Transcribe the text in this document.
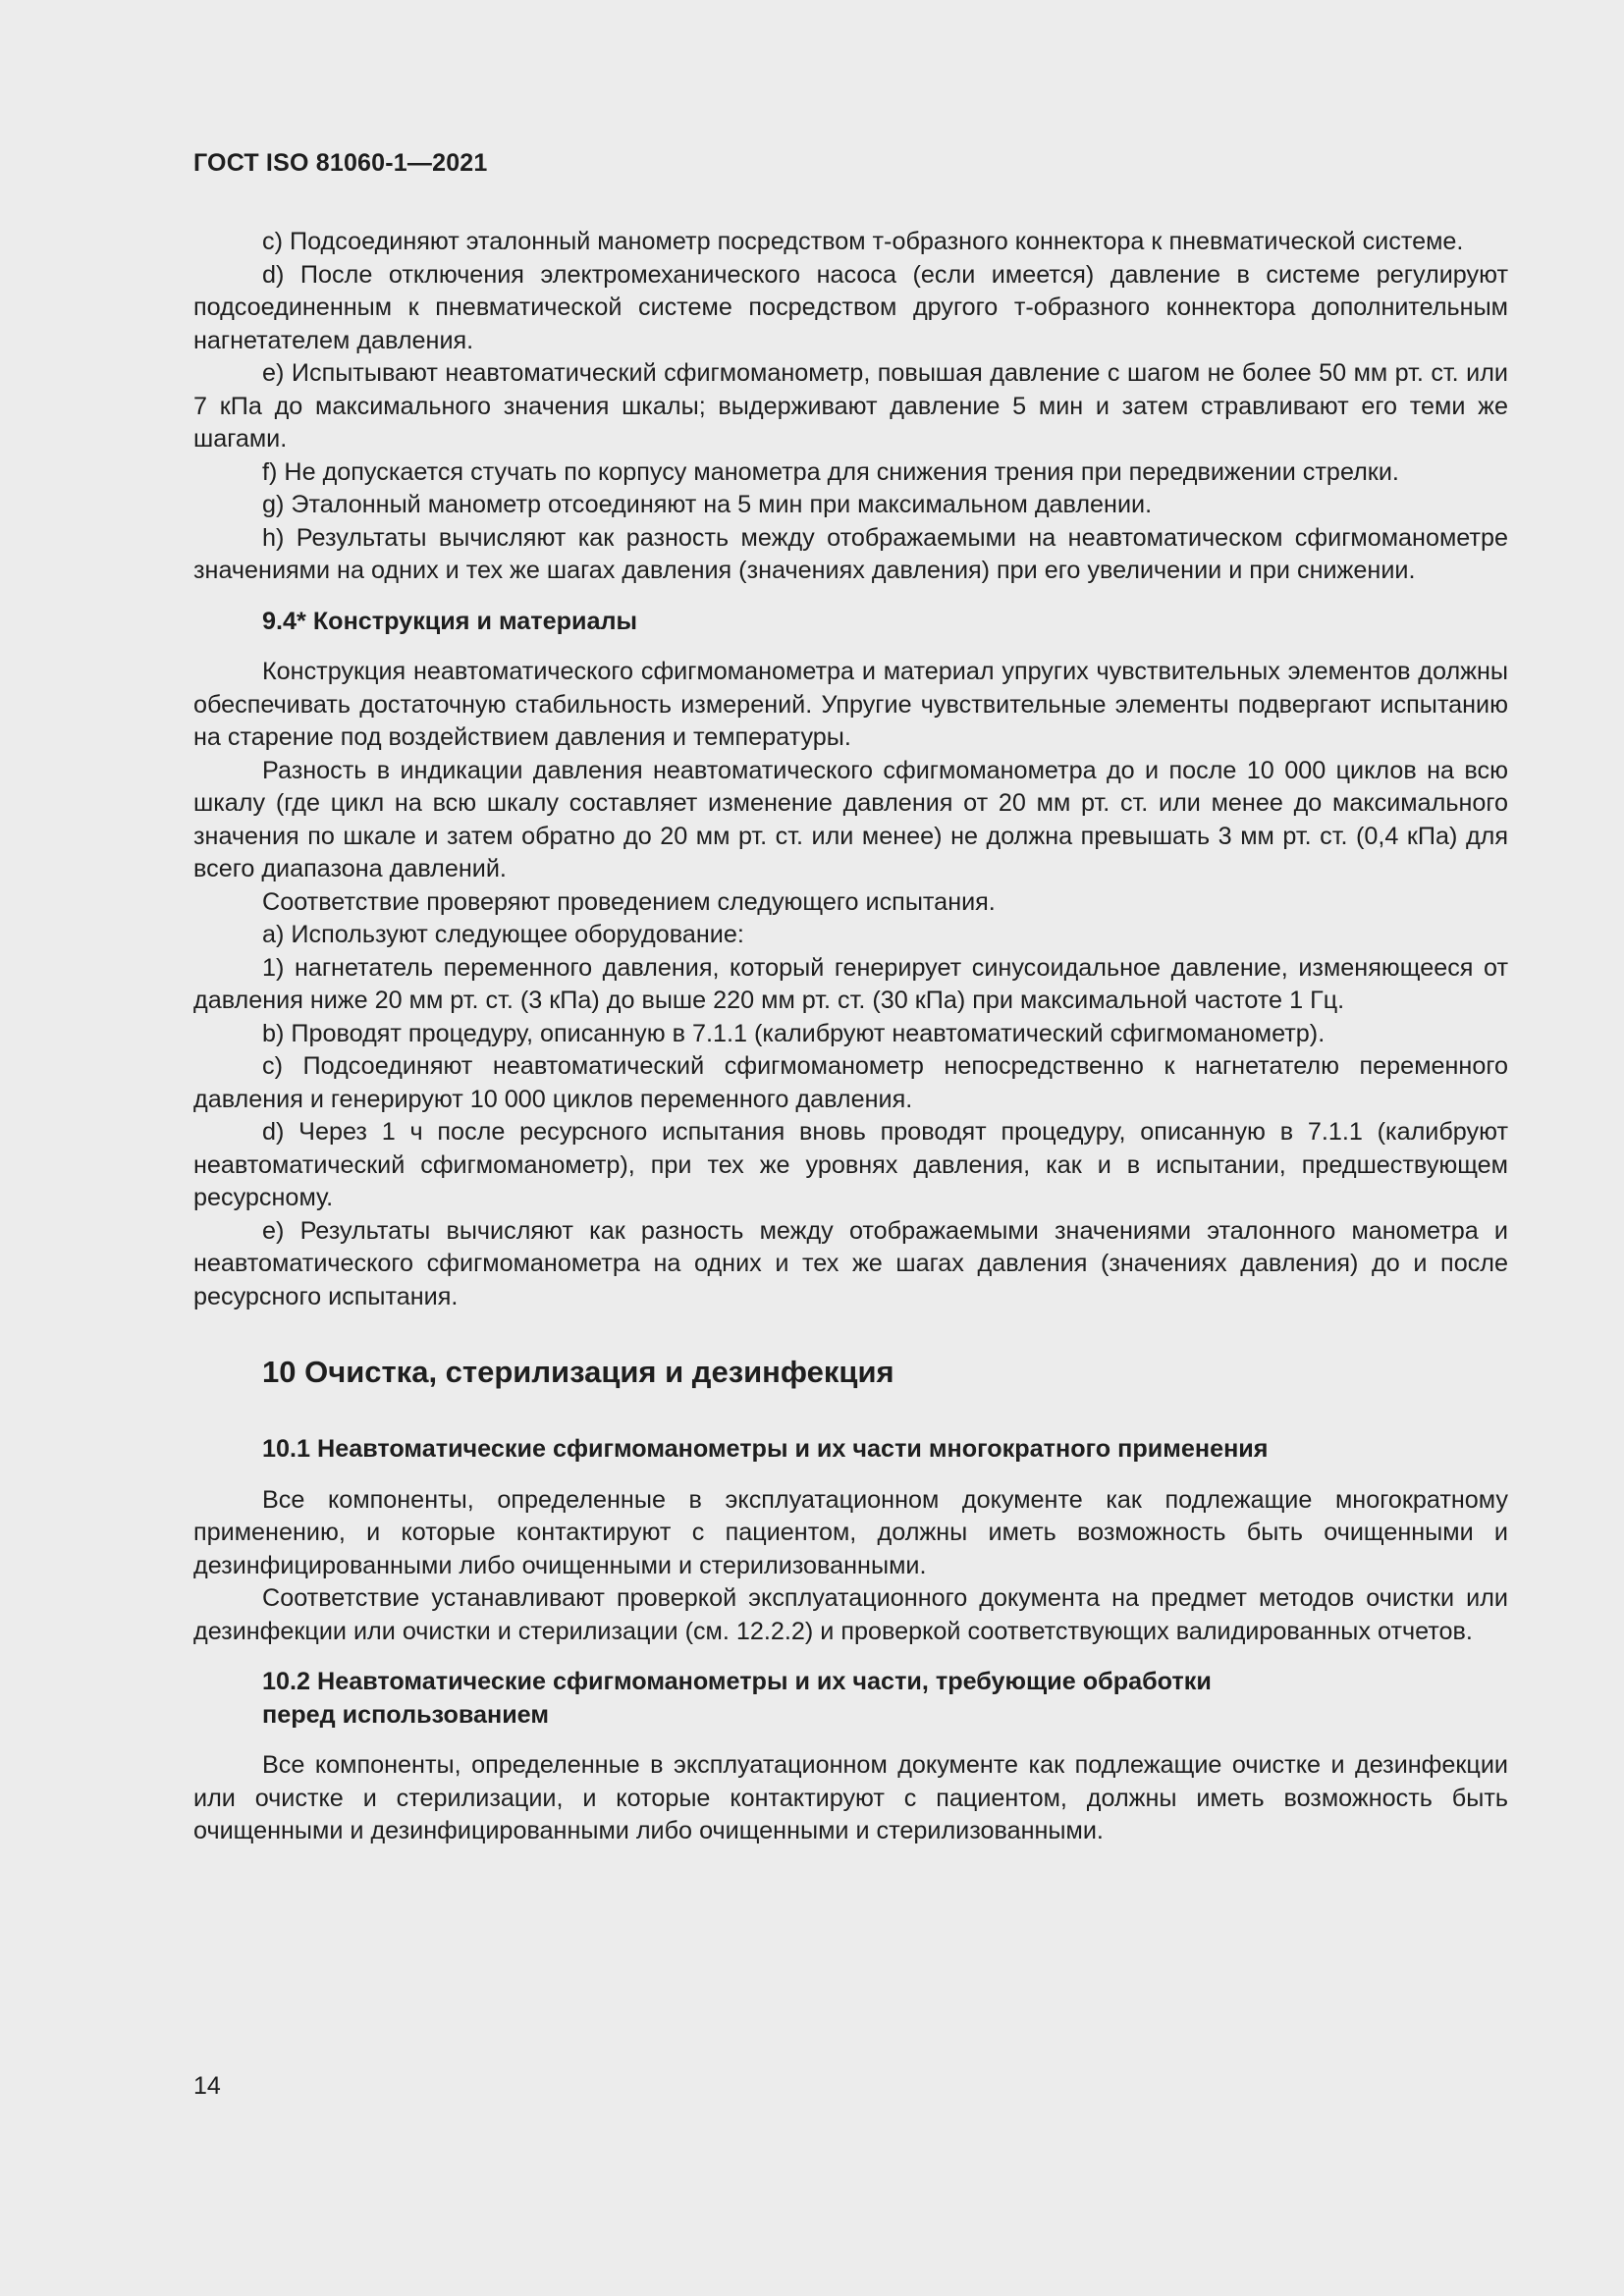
ГОСТ ISO 81060-1—2021

c) Подсоединяют эталонный манометр посредством т-образного коннектора к пневматической системе.

d) После отключения электромеханического насоса (если имеется) давление в системе регулируют подсоединенным к пневматической системе посредством другого т-образного коннектора дополнительным нагнетателем давления.

e) Испытывают неавтоматический сфигмоманометр, повышая давление с шагом не более 50 мм рт. ст. или 7 кПа до максимального значения шкалы; выдерживают давление 5 мин и затем стравливают его теми же шагами.

f) Не допускается стучать по корпусу манометра для снижения трения при передвижении стрелки.

g) Эталонный манометр отсоединяют на 5 мин при максимальном давлении.

h) Результаты вычисляют как разность между отображаемыми на неавтоматическом сфигмоманометре значениями на одних и тех же шагах давления (значениях давления) при его увеличении и при снижении.

9.4* Конструкция и материалы

Конструкция неавтоматического сфигмоманометра и материал упругих чувствительных элементов должны обеспечивать достаточную стабильность измерений. Упругие чувствительные элементы подвергают испытанию на старение под воздействием давления и температуры.

Разность в индикации давления неавтоматического сфигмоманометра до и после 10 000 циклов на всю шкалу (где цикл на всю шкалу составляет изменение давления от 20 мм рт. ст. или менее до максимального значения по шкале и затем обратно до 20 мм рт. ст. или менее) не должна превышать 3 мм рт. ст. (0,4 кПа) для всего диапазона давлений.

Соответствие проверяют проведением следующего испытания.

a) Используют следующее оборудование:

1) нагнетатель переменного давления, который генерирует синусоидальное давление, изменяющееся от давления ниже 20 мм рт. ст. (3 кПа) до выше 220 мм рт. ст. (30 кПа) при максимальной частоте 1 Гц.

b) Проводят процедуру, описанную в 7.1.1 (калибруют неавтоматический сфигмоманометр).

c) Подсоединяют неавтоматический сфигмоманометр непосредственно к нагнетателю переменного давления и генерируют 10 000 циклов переменного давления.

d) Через 1 ч после ресурсного испытания вновь проводят процедуру, описанную в 7.1.1 (калибруют неавтоматический сфигмоманометр), при тех же уровнях давления, как и в испытании, предшествующем ресурсному.

e) Результаты вычисляют как разность между отображаемыми значениями эталонного манометра и неавтоматического сфигмоманометра на одних и тех же шагах давления (значениях давления) до и после ресурсного испытания.

10 Очистка, стерилизация и дезинфекция
10.1 Неавтоматические сфигмоманометры и их части многократного применения

Все компоненты, определенные в эксплуатационном документе как подлежащие многократному применению, и которые контактируют с пациентом, должны иметь возможность быть очищенными и дезинфицированными либо очищенными и стерилизованными.

Соответствие устанавливают проверкой эксплуатационного документа на предмет методов очистки или дезинфекции или очистки и стерилизации (см. 12.2.2) и проверкой соответствующих валидированных отчетов.

10.2 Неавтоматические сфигмоманометры и их части, требующие обработки
перед использованием

Все компоненты, определенные в эксплуатационном документе как подлежащие очистке и дезинфекции или очистке и стерилизации, и которые контактируют с пациентом, должны иметь возможность быть очищенными и дезинфицированными либо очищенными и стерилизованными.

14
